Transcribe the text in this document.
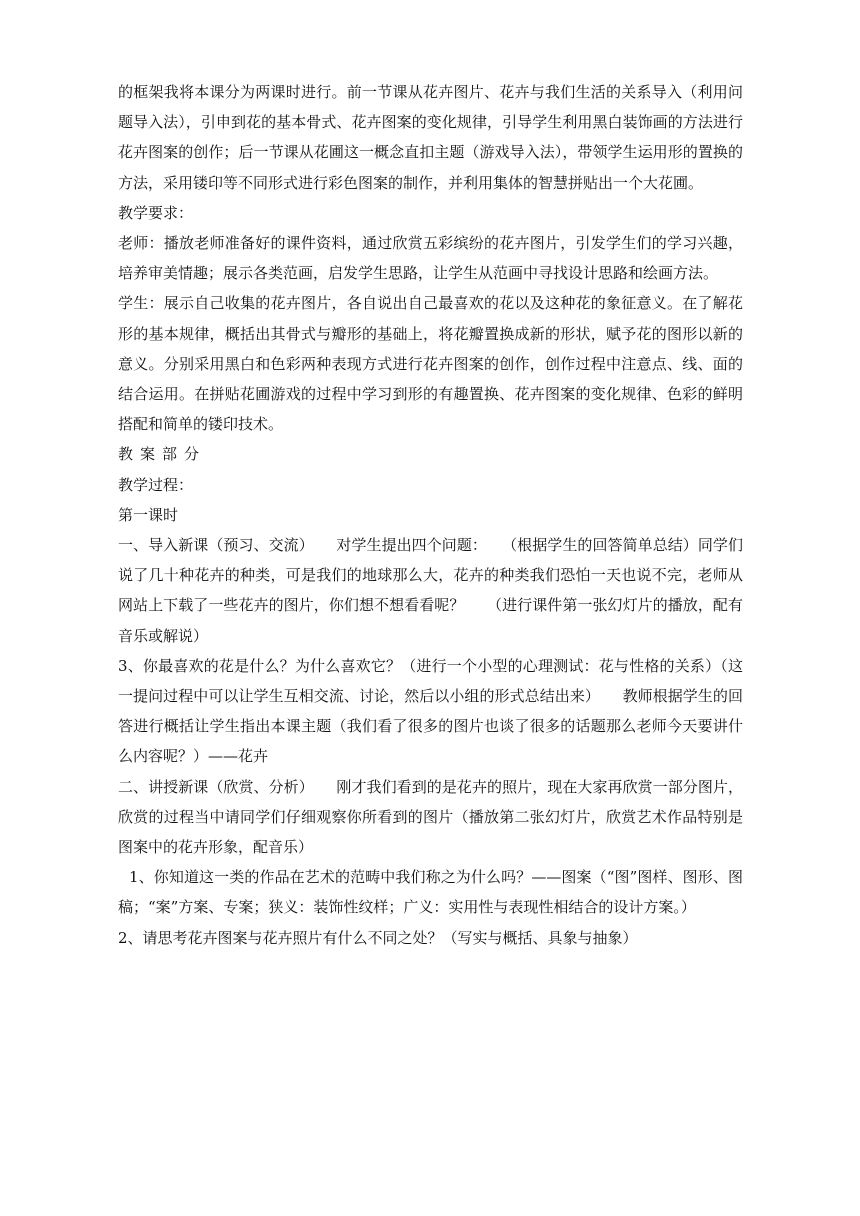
的框架我将本课分为两课时进行。前一节课从花卉图片、花卉与我们生活的关系导入（利用问题导入法），引申到花的基本骨式、花卉图案的变化规律，引导学生利用黑白装饰画的方法进行花卉图案的创作；后一节课从花圃这一概念直扣主题（游戏导入法），带领学生运用形的置换的方法，采用镂印等不同形式进行彩色图案的制作，并利用集体的智慧拼贴出一个大花圃。

教学要求：

老师：播放老师准备好的课件资料，通过欣赏五彩缤纷的花卉图片，引发学生们的学习兴趣，培养审美情趣；展示各类范画，启发学生思路，让学生从范画中寻找设计思路和绘画方法。

学生：展示自己收集的花卉图片，各自说出自己最喜欢的花以及这种花的象征意义。在了解花形的基本规律，概括出其骨式与瓣形的基础上，将花瓣置换成新的形状，赋予花的图形以新的意义。分别采用黑白和色彩两种表现方式进行花卉图案的创作，创作过程中注意点、线、面的结合运用。在拼贴花圃游戏的过程中学习到形的有趣置换、花卉图案的变化规律、色彩的鲜明搭配和简单的镂印技术。

教案部分

教学过程：

第一课时

一、导入新课（预习、交流）　　对学生提出四个问题：　　（根据学生的回答简单总结）同学们说了几十种花卉的种类，可是我们的地球那么大，花卉的种类我们恐怕一天也说不完，老师从网站上下载了一些花卉的图片，你们想不想看看呢？　　（进行课件第一张幻灯片的播放，配有音乐或解说）

3、你最喜欢的花是什么？为什么喜欢它？（进行一个小型的心理测试：花与性格的关系）（这一提问过程中可以让学生互相交流、讨论，然后以小组的形式总结出来）　　教师根据学生的回答进行概括让学生指出本课主题（我们看了很多的图片也谈了很多的话题那么老师今天要讲什么内容呢？）——花卉

二、讲授新课（欣赏、分析）　　刚才我们看到的是花卉的照片，现在大家再欣赏一部分图片，欣赏的过程当中请同学们仔细观察你所看到的图片（播放第二张幻灯片，欣赏艺术作品特别是图案中的花卉形象，配音乐）

1、你知道这一类的作品在艺术的范畴中我们称之为什么吗？——图案（“图”图样、图形、图稿；“案”方案、专案；狭义：装饰性纹样；广义：实用性与表现性相结合的设计方案。）

2、请思考花卉图案与花卉照片有什么不同之处？（写实与概括、具象与抽象）
